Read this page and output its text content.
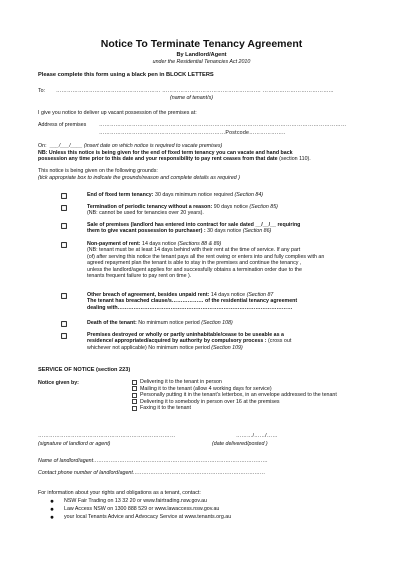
Notice To Terminate Tenancy Agreement
By Landlord/Agent
under the Residential Tenancies Act 2010
Please complete this form using a black pen in BLOCK LETTERS
To: ………………………………………………… ……………………………………………… ………………………………...
(name of tenant/s)
I give you notice to deliver up vacant possession of the premises at:
Address of premises ………………………………………………………………………………………………………………………
……………………………………………………………Postcode………………..
On: ___/___/____ (insert date on which notice is required to vacate premises)
NB: Unless this notice is being given for the end of fixed term tenancy you can vacate and hand back
possession any time prior to this date and your responsibility to pay rent ceases from that date (section 110).
This notice is being given on the following grounds:
(tick appropriate box to indicate the grounds/reason and complete details as required )
End of fixed term tenancy: 30 days minimum notice required (Section 84)
Termination of periodic tenancy without a reason: 90 days notice (Section 85)
(NB: cannot be used for tenancies over 20 years).
Sale of premises (landlord has entered into contract for sale dated __/__/__ requiring
them to give vacant possession to purchaser) : 30 days notice (Section 86)
Non-payment of rent: 14 days notice (Sections 88 & 89)
(NB: tenant must be at least 14 days behind with their rent at the time of service. If any part
(of) after serving this notice the tenant pays all the rent owing or enters into and fully complies with an
agreed repayment plan the tenant is able to stay in the premises and continue the tenancy ,
unless the landlord/agent applies for and successfully obtains a termination order due to the
tenants frequent failure to pay rent on time ).
Other breach of agreement, besides unpaid rent: 14 days notice (Section 87
The tenant has breached clause/s……………… of the residential tenancy agreement
dealing with………………………………………………………………………………………
Death of the tenant: No minimum notice period (Section 108)
Premises destroyed or wholly or partly uninhabitable/cease to be useable as a
residence/ appropriated/acquired by authority by compulsory process : (cross out
whichever not applicable) No minimum notice period (Section 109)
SERVICE OF NOTICE (section 223)
Notice given by:	Delivering it to the tenant in person
Mailing it to the tenant (allow 4 working days for service)
Personally putting it in the tenant's letterbox, in an envelope addressed to the tenant
Delivering it to somebody in person over 16 at the premises
Faxing it to the tenant
…………………………………………………………………
(signature of landlord or agent)
………/……/……
(date delivered/posted )
Name of landlord/agent………………………………………………………………………………………
Contact phone number of landlord/agent…………………………………………………………………
For information about your rights and obligations as a tenant, contact:
NSW Fair Trading on 13 32 20 or www.fairtrading.nsw.gov.au
Law Access NSW on 1300 888 529 or www.lawaccess.nsw.gov.au
your local Tenants Advice and Advocacy Service at www.tenants.org.au
